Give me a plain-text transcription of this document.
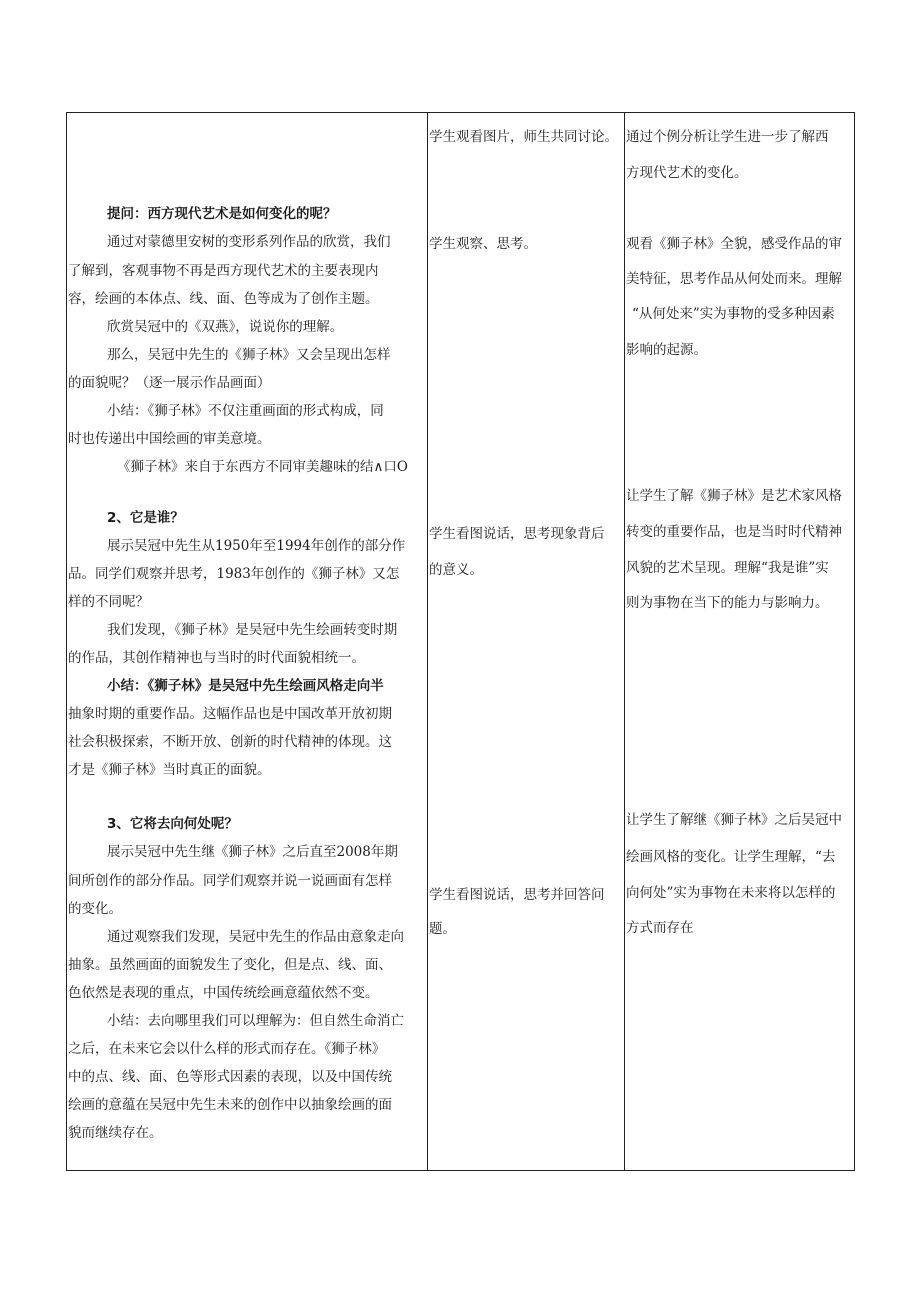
提问：西方现代艺术是如何变化的呢？
通过对蒙德里安树的变形系列作品的欣赏，我们
了解到，客观事物不再是西方现代艺术的主要表现内
容，绘画的本体点、线、面、色等成为了创作主题。
欣赏吴冠中的《双燕》，说说你的理解。
那么，吴冠中先生的《狮子林》又会呈现出怎样
的面貌呢？（逐一展示作品画面）
小结：《狮子林》不仅注重画面的形式构成，同
时也传递出中国绘画的审美意境。
《狮子林》来自于东西方不同审美趣味的结∧口O
2、它是谁？
展示吴冠中先生从1950年至1994年创作的部分作
品。同学们观察并思考，1983年创作的《狮子林》又怎
样的不同呢？
我们发现，《狮子林》是吴冠中先生绘画转变时期
的作品，其创作精神也与当时的时代面貌相统一。
小结：《狮子林》是吴冠中先生绘画风格走向半
抽象时期的重要作品。这幅作品也是中国改革开放初期
社会积极探索，不断开放、创新的时代精神的体现。这
才是《狮子林》当时真正的面貌。
3、它将去向何处呢？
展示吴冠中先生继《狮子林》之后直至2008年期
间所创作的部分作品。同学们观察并说一说画面有怎样
的变化。
通过观察我们发现，吴冠中先生的作品由意象走向
抽象。虽然画面的面貌发生了变化，但是点、线、面、
色依然是表现的重点，中国传统绘画意蕴依然不变。
小结：去向哪里我们可以理解为：但自然生命消亡
之后，在未来它会以什么样的形式而存在。《狮子林》
中的点、线、面、色等形式因素的表现，以及中国传统
绘画的意蕴在吴冠中先生未来的创作中以抽象绘画的面
貌而继续存在。
学生观看图片，师生共同讨论。
学生观察、思考。
学生看图说话，思考现象背后
的意义。
学生看图说话，思考并回答问
题。
通过个例分析让学生进一步了解西
方现代艺术的变化。
观看《狮子林》全貌，感受作品的审
美特征，思考作品从何处而来。理解
“从何处来”实为事物的受多种因素
影响的起源。
让学生了解《狮子林》是艺术家风格
转变的重要作品，也是当时时代精神
风貌的艺术呈现。理解“我是谁”实
则为事物在当下的能力与影响力。
让学生了解继《狮子林》之后吴冠中
绘画风格的变化。让学生理解，“去
向何处”实为事物在未来将以怎样的
方式而存在
